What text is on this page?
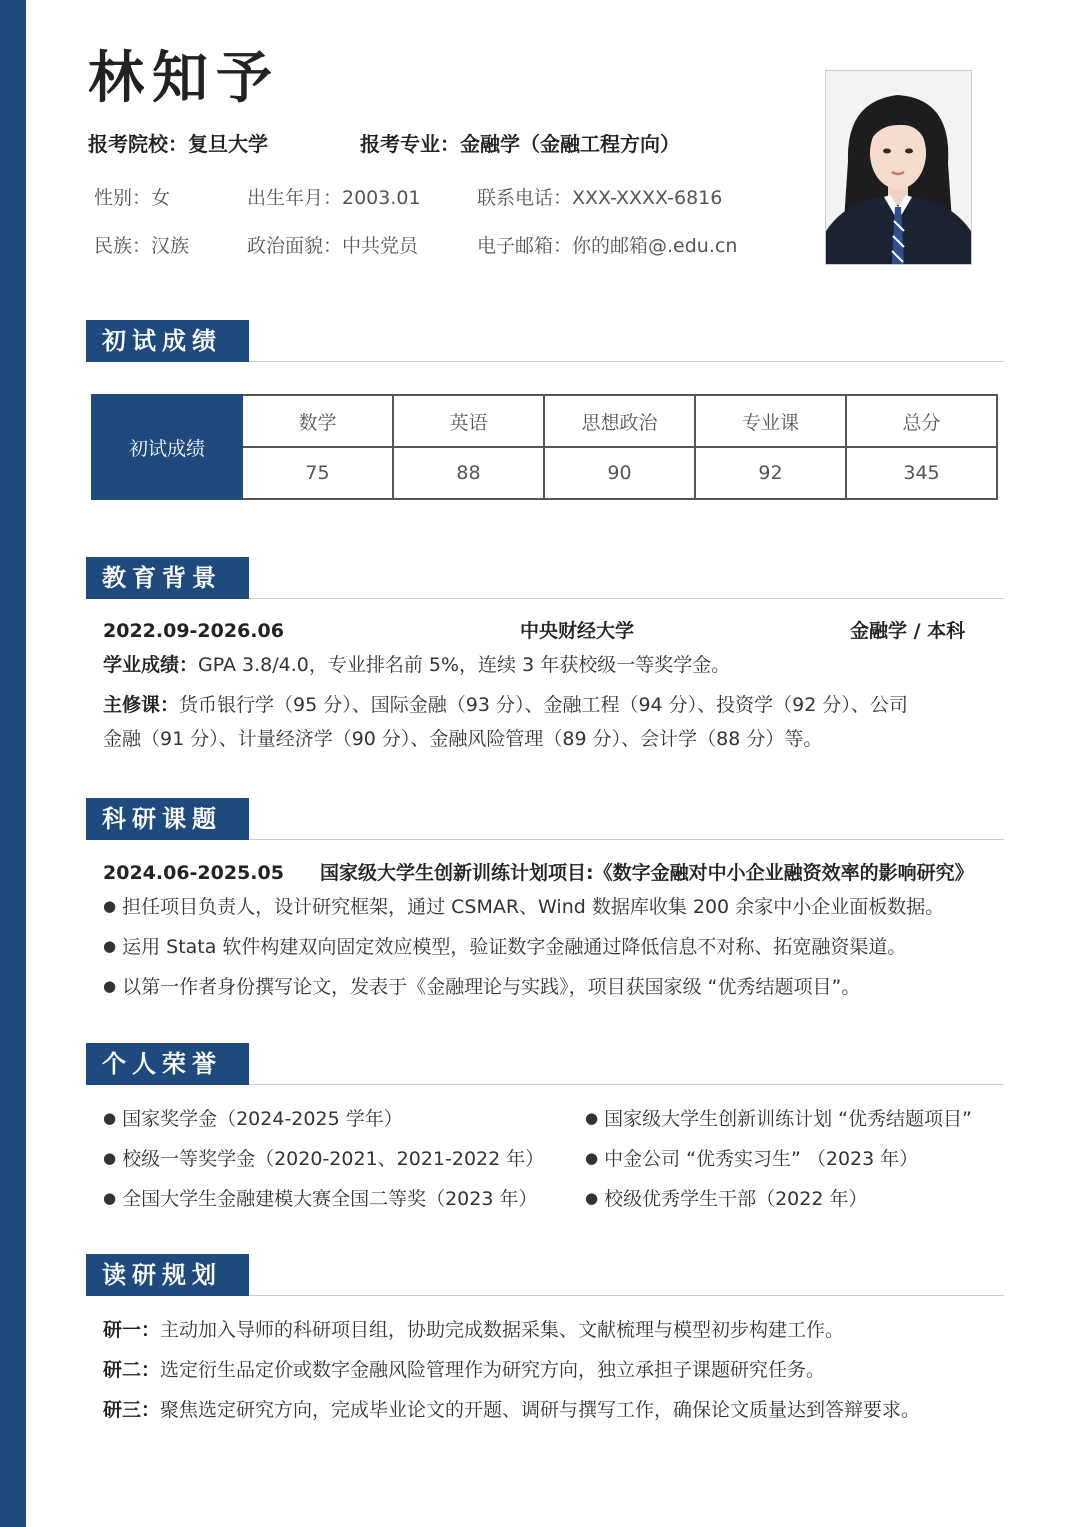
林知予
报考院校：复旦大学	报考专业：金融学（金融工程方向）
性别：女	出生年月：2003.01	联系电话：XXX-XXXX-6816
民族：汉族	政治面貌：中共党员	电子邮箱：你的邮箱@.edu.cn
初试成绩
初试成绩	数学	英语	思想政治	专业课	总分
	75	88	90	92	345
教育背景
2022.09-2026.06	中央财经大学	金融学 / 本科
学业成绩：GPA 3.8/4.0，专业排名前 5%，连续 3 年获校级一等奖学金。
主修课：货币银行学（95 分）、国际金融（93 分）、金融工程（94 分）、投资学（92 分）、公司
金融（91 分）、计量经济学（90 分）、金融风险管理（89 分）、会计学（88 分）等。
科研课题
2024.06-2025.05 国家级大学生创新训练计划项目:《数字金融对中小企业融资效率的影响研究》
● 担任项目负责人，设计研究框架，通过 CSMAR、Wind 数据库收集 200 余家中小企业面板数据。
● 运用 Stata 软件构建双向固定效应模型，验证数字金融通过降低信息不对称、拓宽融资渠道。
● 以第一作者身份撰写论文，发表于《金融理论与实践》，项目获国家级 “优秀结题项目”。
个人荣誉
● 国家奖学金（2024-2025 学年）
● 校级一等奖学金（2020-2021、2021-2022 年）
● 全国大学生金融建模大赛全国二等奖（2023 年）
● 国家级大学生创新训练计划 “优秀结题项目”
● 中金公司 “优秀实习生” （2023 年）
● 校级优秀学生干部（2022 年）
读研规划
研一：主动加入导师的科研项目组，协助完成数据采集、文献梳理与模型初步构建工作。
研二：选定衍生品定价或数字金融风险管理作为研究方向，独立承担子课题研究任务。
研三：聚焦选定研究方向，完成毕业论文的开题、调研与撰写工作，确保论文质量达到答辩要求。
